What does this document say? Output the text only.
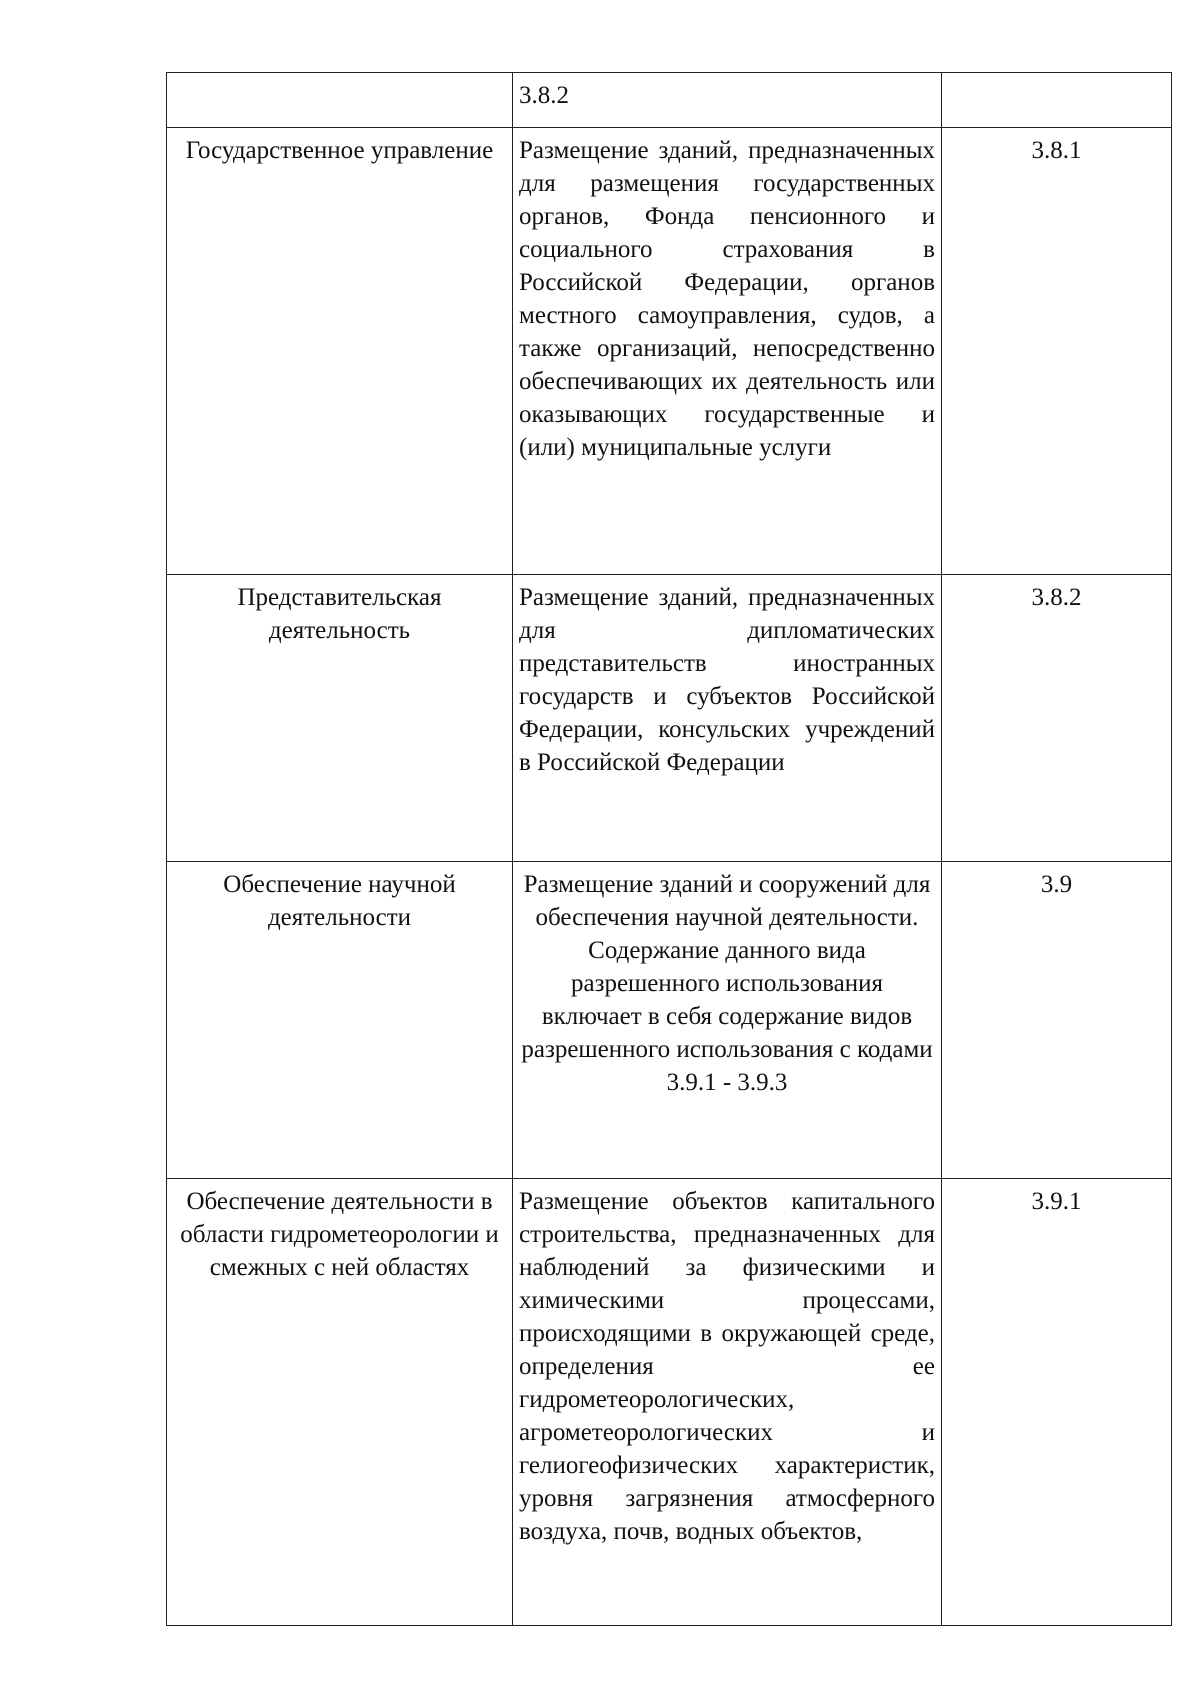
	3.8.2	
Государственное управление	Размещение зданий, предназначенных для размещения государственных органов, Фонда пенсионного и социального страхования в Российской Федерации, органов местного самоуправления, судов, а также организаций, непосредственно обеспечивающих их деятельность или оказывающих государственные и (или) муниципальные услуги	3.8.1
Представительская деятельность	Размещение зданий, предназначенных для дипломатических представительств иностранных государств и субъектов Российской Федерации, консульских учреждений в Российской Федерации	3.8.2
Обеспечение научной деятельности	Размещение зданий и сооружений для обеспечения научной деятельности. Содержание данного вида разрешенного использования включает в себя содержание видов разрешенного использования с кодами 3.9.1 - 3.9.3	3.9
Обеспечение деятельности в области гидрометеорологии и смежных с ней областях	Размещение объектов капитального строительства, предназначенных для наблюдений за физическими и химическими процессами, происходящими в окружающей среде, определения ее гидрометеорологических, агрометеорологических и гелиогеофизических характеристик, уровня загрязнения атмосферного воздуха, почв, водных объектов,	3.9.1
